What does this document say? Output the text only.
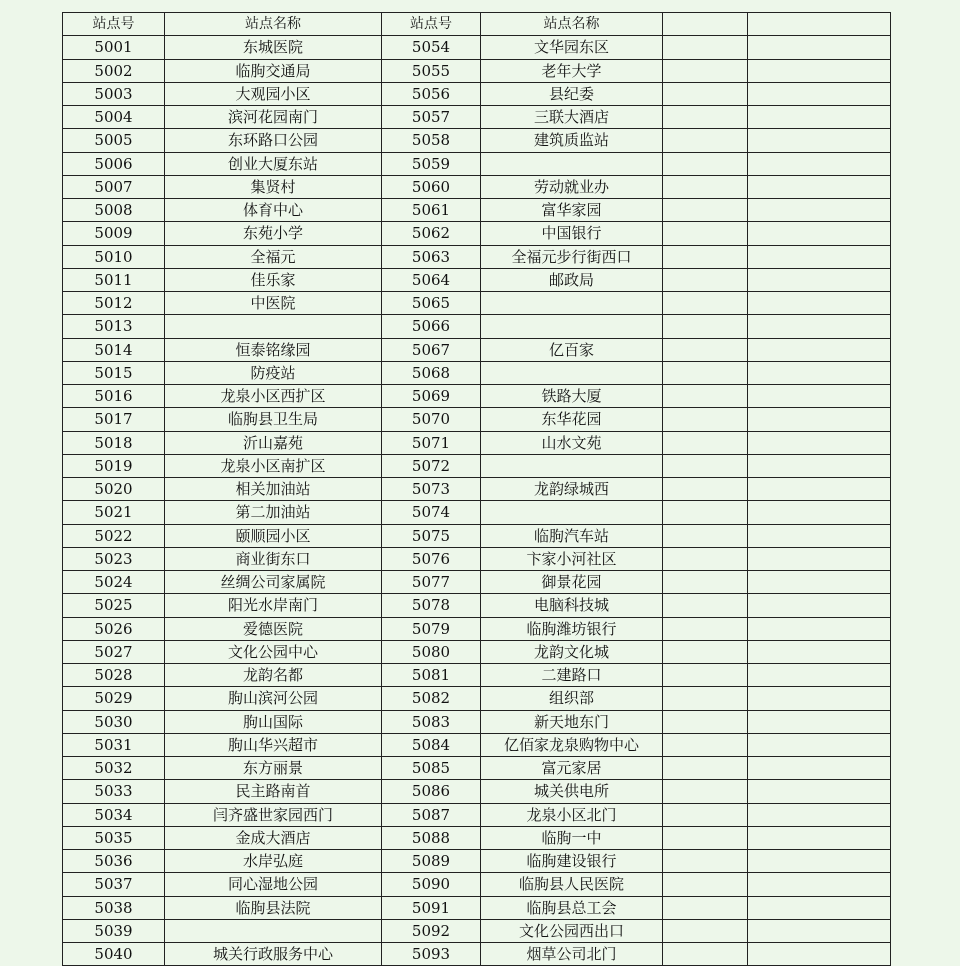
站点号	站点名称	站点号	站点名称		
5001	东城医院	5054	文华园东区		
5002	临朐交通局	5055	老年大学		
5003	大观园小区	5056	县纪委		
5004	滨河花园南门	5057	三联大酒店		
5005	东环路口公园	5058	建筑质监站		
5006	创业大厦东站	5059			
5007	集贤村	5060	劳动就业办		
5008	体育中心	5061	富华家园		
5009	东苑小学	5062	中国银行		
5010	全福元	5063	全福元步行街西口		
5011	佳乐家	5064	邮政局		
5012	中医院	5065			
5013		5066			
5014	恒泰铭缘园	5067	亿百家		
5015	防疫站	5068			
5016	龙泉小区西扩区	5069	铁路大厦		
5017	临朐县卫生局	5070	东华花园		
5018	沂山嘉苑	5071	山水文苑		
5019	龙泉小区南扩区	5072			
5020	相关加油站	5073	龙韵绿城西		
5021	第二加油站	5074			
5022	颐顺园小区	5075	临朐汽车站		
5023	商业街东口	5076	卞家小河社区		
5024	丝绸公司家属院	5077	御景花园		
5025	阳光水岸南门	5078	电脑科技城		
5026	爱德医院	5079	临朐潍坊银行		
5027	文化公园中心	5080	龙韵文化城		
5028	龙韵名都	5081	二建路口		
5029	朐山滨河公园	5082	组织部		
5030	朐山国际	5083	新天地东门		
5031	朐山华兴超市	5084	亿佰家龙泉购物中心		
5032	东方丽景	5085	富元家居		
5033	民主路南首	5086	城关供电所		
5034	闫齐盛世家园西门	5087	龙泉小区北门		
5035	金成大酒店	5088	临朐一中		
5036	水岸弘庭	5089	临朐建设银行		
5037	同心湿地公园	5090	临朐县人民医院		
5038	临朐县法院	5091	临朐县总工会		
5039		5092	文化公园西出口		
5040	城关行政服务中心	5093	烟草公司北门		
